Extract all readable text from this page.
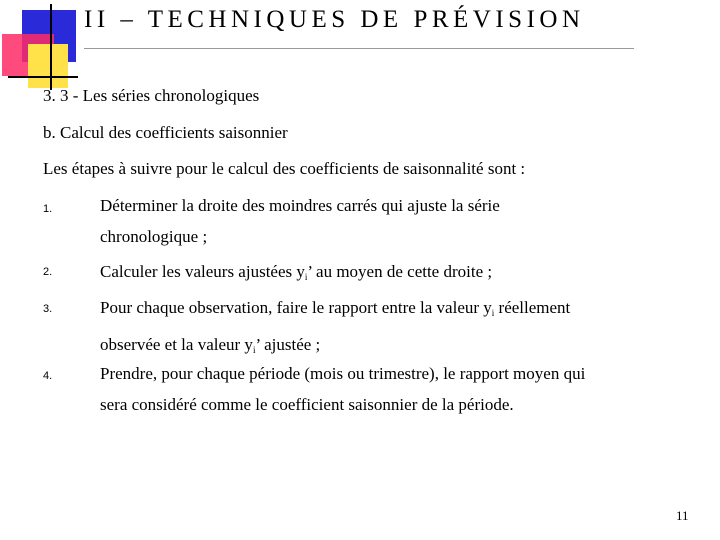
II – TECHNIQUES DE PRÉVISION
3. 3 - Les séries chronologiques
b. Calcul des coefficients saisonnier
Les étapes à suivre pour le calcul des coefficients de saisonnalité sont :
1.	Déterminer la droite des moindres carrés qui ajuste la série
chronologique ;
2.	Calculer les valeurs ajustées $y_i$’ au moyen de cette droite ;
3.	Pour chaque observation, faire le rapport entre la valeur $y_i$ réellement
observée et la valeur $y_i$’ ajustée ;
4.	Prendre, pour chaque période (mois ou trimestre), le rapport moyen qui
sera considéré comme le coefficient saisonnier de la période.
11
